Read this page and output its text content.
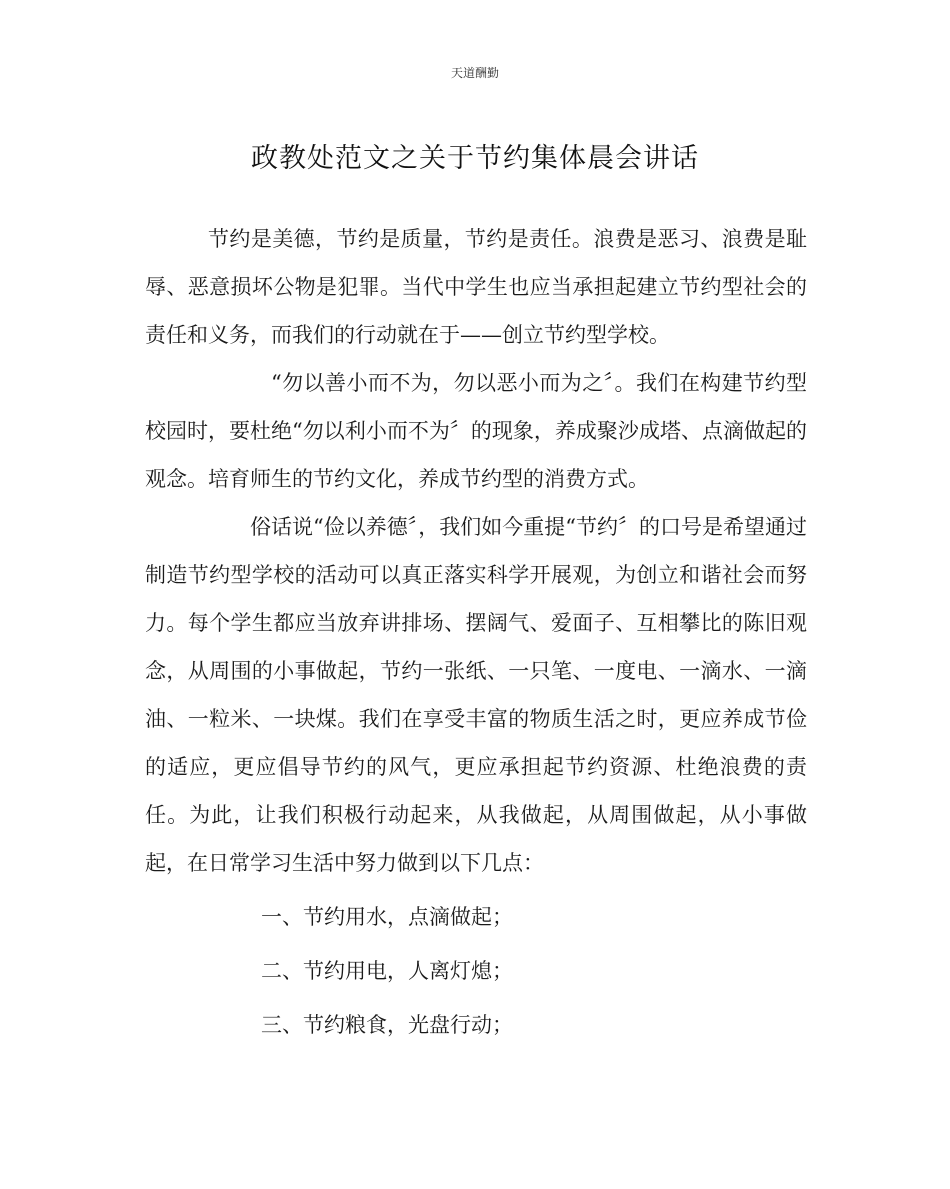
天道酬勤
政教处范文之关于节约集体晨会讲话

节约是美德，节约是质量，节约是责任。浪费是恶习、浪费是耻辱、恶意损坏公物是犯罪。当代中学生也应当承担起建立节约型社会的责任和义务，而我们的行动就在于——创立节约型学校。

“勿以善小而不为，勿以恶小而为之〞。我们在构建节约型校园时，要杜绝“勿以利小而不为〞的现象，养成聚沙成塔、点滴做起的观念。培育师生的节约文化，养成节约型的消费方式。

俗话说“俭以养德〞，我们如今重提“节约〞的口号是希望通过制造节约型学校的活动可以真正落实科学开展观，为创立和谐社会而努力。每个学生都应当放弃讲排场、摆阔气、爱面子、互相攀比的陈旧观念，从周围的小事做起，节约一张纸、一只笔、一度电、一滴水、一滴油、一粒米、一块煤。我们在享受丰富的物质生活之时，更应养成节俭的适应，更应倡导节约的风气，更应承担起节约资源、杜绝浪费的责任。为此，让我们积极行动起来，从我做起，从周围做起，从小事做起，在日常学习生活中努力做到以下几点：

一、节约用水，点滴做起；

二、节约用电，人离灯熄；

三、节约粮食，光盘行动；
